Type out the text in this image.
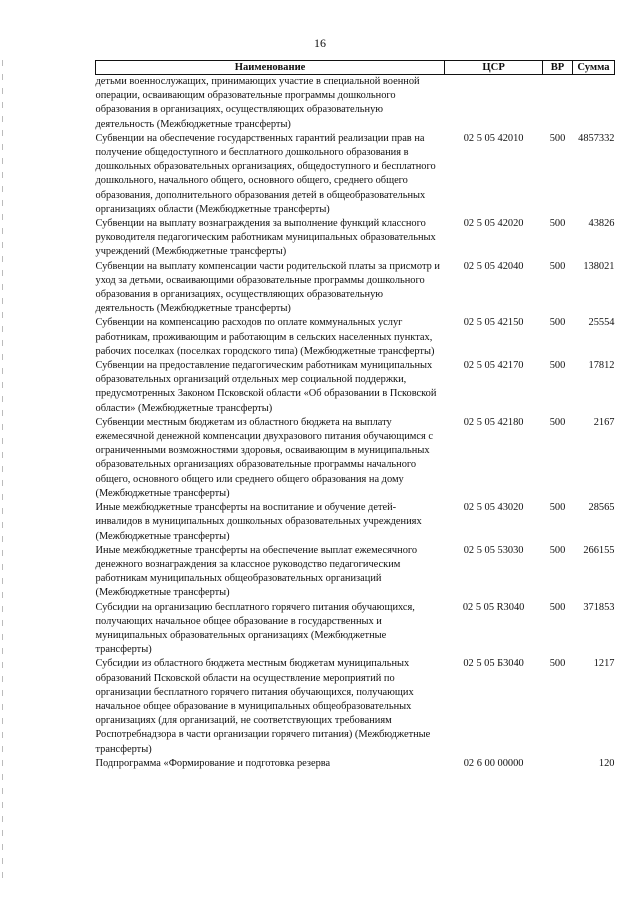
16
Наименование	ЦСР	ВР	Сумма
детьми военнослужащих, принимающих участие в специальной военной операции, осваивающим образовательные программы дошкольного образования в организациях, осуществляющих образовательную деятельность (Межбюджетные трансферты)			
Субвенции на обеспечение государственных гарантий реализации прав на получение общедоступного и бесплатного дошкольного образования в дошкольных образовательных организациях, общедоступного и бесплатного дошкольного, начального общего, основного общего, среднего общего образования, дополнительного образования детей в общеобразовательных организациях области (Межбюджетные трансферты)	02 5 05 42010	500	4857332
Субвенции на выплату вознаграждения за выполнение функций классного руководителя педагогическим работникам муниципальных образовательных учреждений (Межбюджетные трансферты)	02 5 05 42020	500	43826
Субвенции на выплату компенсации части родительской платы за присмотр и уход за детьми, осваивающими образовательные программы дошкольного образования в организациях, осуществляющих образовательную деятельность (Межбюджетные трансферты)	02 5 05 42040	500	138021
Субвенции на компенсацию расходов по оплате коммунальных услуг работникам, проживающим и работающим в сельских населенных пунктах, рабочих поселках (поселках городского типа) (Межбюджетные трансферты)	02 5 05 42150	500	25554
Субвенции на предоставление педагогическим работникам муниципальных образовательных организаций отдельных мер социальной поддержки, предусмотренных Законом Псковской области «Об образовании в Псковской области» (Межбюджетные трансферты)	02 5 05 42170	500	17812
Субвенции местным бюджетам из областного бюджета на выплату ежемесячной денежной компенсации двухразового питания обучающимся с ограниченными возможностями здоровья, осваивающим в муниципальных образовательных организациях образовательные программы начального общего, основного общего или среднего общего образования на дому (Межбюджетные трансферты)	02 5 05 42180	500	2167
Иные межбюджетные трансферты на воспитание и обучение детей-инвалидов в муниципальных дошкольных образовательных учреждениях (Межбюджетные трансферты)	02 5 05 43020	500	28565
Иные межбюджетные трансферты на обеспечение выплат ежемесячного денежного вознаграждения за классное руководство педагогическим работникам муниципальных общеобразовательных организаций (Межбюджетные трансферты)	02 5 05 53030	500	266155
Субсидии на организацию бесплатного горячего питания обучающихся, получающих начальное общее образование в государственных и муниципальных образовательных организациях (Межбюджетные трансферты)	02 5 05 R3040	500	371853
Субсидии из областного бюджета местным бюджетам муниципальных образований Псковской области на осуществление мероприятий по организации бесплатного горячего питания обучающихся, получающих начальное общее образование в муниципальных общеобразовательных организациях (для организаций, не соответствующих требованиям Роспотребнадзора в части организации горячего питания) (Межбюджетные трансферты)	02 5 05 Б3040	500	1217
Подпрограмма «Формирование и подготовка резерва	02 6 00 00000		120
